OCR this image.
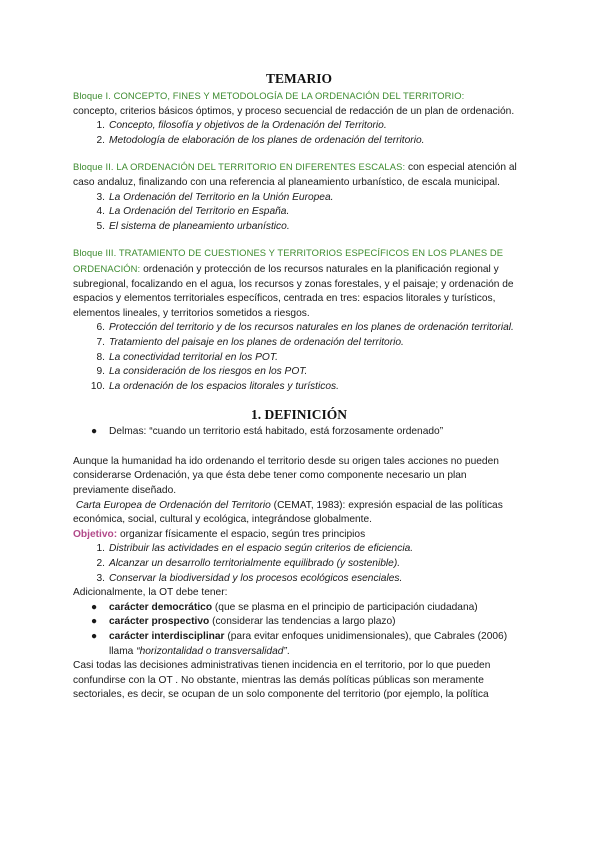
TEMARIO

Bloque I. CONCEPTO, FINES Y METODOLOGÍA DE LA ORDENACIÓN DEL TERRITORIO:
concepto, criterios básicos óptimos, y proceso secuencial de redacción de un plan de ordenación.

1. Concepto, filosofía y objetivos de la Ordenación del Territorio.
2. Metodología de elaboración de los planes de ordenación del territorio.

Bloque II. LA ORDENACIÓN DEL TERRITORIO EN DIFERENTES ESCALAS: con especial atención al caso andaluz, finalizando con una referencia al planeamiento urbanístico, de escala municipal.

3. La Ordenación del Territorio en la Unión Europea.
4. La Ordenación del Territorio en España.
5. El sistema de planeamiento urbanístico.

Bloque III. TRATAMIENTO DE CUESTIONES Y TERRITORIOS ESPECÍFICOS EN LOS PLANES DE ORDENACIÓN: ordenación y protección de los recursos naturales en la planificación regional y subregional, focalizando en el agua, los recursos y zonas forestales, y el paisaje; y ordenación de espacios y elementos territoriales específicos, centrada en tres: espacios litorales y turísticos, elementos lineales, y territorios sometidos a riesgos.

6. Protección del territorio y de los recursos naturales en los planes de ordenación territorial.
7. Tratamiento del paisaje en los planes de ordenación del territorio.
8. La conectividad territorial en los POT.
9. La consideración de los riesgos en los POT.
10. La ordenación de los espacios litorales y turísticos.
1. DEFINICIÓN
● Delmas: “cuando un territorio está habitado, está forzosamente ordenado”

Aunque la humanidad ha ido ordenando el territorio desde su origen tales acciones no pueden considerarse Ordenación, ya que ésta debe tener como componente necesario un plan previamente diseñado.

Carta Europea de Ordenación del Territorio (CEMAT, 1983): expresión espacial de las políticas económica, social, cultural y ecológica, integrándose globalmente.

Objetivo: organizar físicamente el espacio, según tres principios

1. Distribuir las actividades en el espacio según criterios de eficiencia.
2. Alcanzar un desarrollo territorialmente equilibrado (y sostenible).
3. Conservar la biodiversidad y los procesos ecológicos esenciales.

Adicionalmente, la OT debe tener:

● carácter democrático (que se plasma en el principio de participación ciudadana)
● carácter prospectivo (considerar las tendencias a largo plazo)
● carácter interdisciplinar (para evitar enfoques unidimensionales), que Cabrales (2006) llama “horizontalidad o transversalidad”.

Casi todas las decisiones administrativas tienen incidencia en el territorio, por lo que pueden confundirse con la OT . No obstante, mientras las demás políticas públicas son meramente sectoriales, es decir, se ocupan de un solo componente del territorio (por ejemplo, la política
